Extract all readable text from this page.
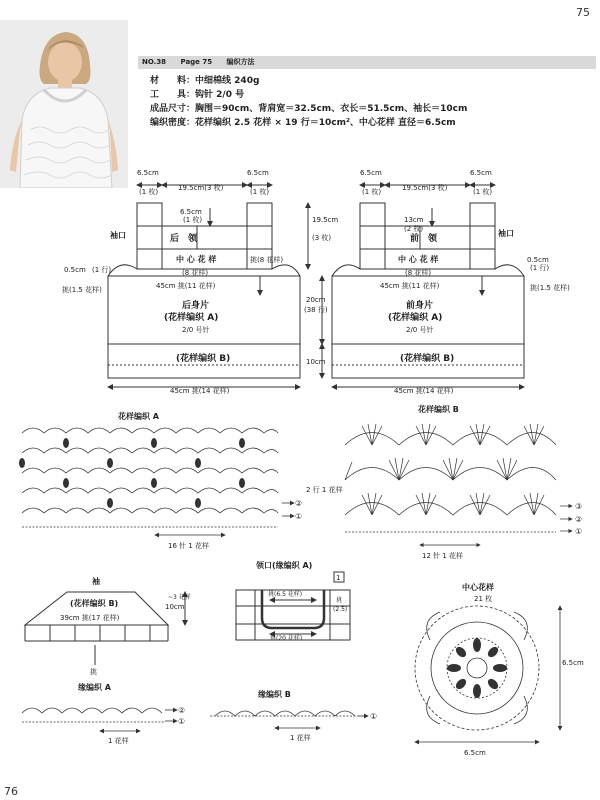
75
76
NO.38 Page 75 编织方法
材　　料：中细棉线 240g
工　　具：钩针 2/0 号
成品尺寸：胸围＝90cm、背肩宽＝32.5cm、衣长＝51.5cm、袖长＝10cm
编织密度：花样编织 2.5 花样 × 19 行＝10cm²、中心花样 直径＝6.5cm
6.5cm
(1 枚)	19.5cm(3 枚)
6.5cm
(1 枚)
6.5cm
(1 枚)
袖口	后　领
中 心 花 样
19.5cm
(3 枚)
0.5cm (1 行)
挑(1.5 花样)
(8 花样)
挑(8 花样)
45cm 挑(11 花样)
20cm
(38 行)
后身片
(花样编织 A)
2/0 号针
(花样编织 B)	10cm
45cm 挑(14 花样)
6.5cm
(1 枚)	19.5cm(3 枚)
6.5cm
(1 枚)
13cm
(2 枚)	袖口
前　领
中 心 花 样	0.5cm
(1 行)
挑(1.5 花样)
(8 花样)
45cm 挑(11 花样)
前身片
(花样编织 A)
2/0 号针
(花样编织 B)
45cm 挑(14 花样)
花样编织 A
16 针 1 花样
2 行 1 花样
②
①
花样编织 B
12 针 1 花样
③
②
①
袖
(花样编织 B)
39cm 挑(17 花样)
10cm
~3 花样
挑
领口(缘编织 A)
挑(6.5 花样)
挑(20 花样)
挑
(2.5)
1
缘编织 A
1 花样
②
①
缘编织 B
1 花样
①
中心花样
21 枚
6.5cm
6.5cm
